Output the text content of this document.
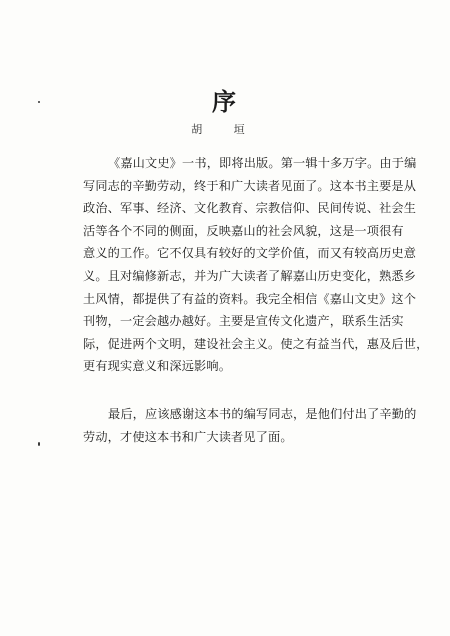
序
胡 垣
《嘉山文史》一书，即将出版。第一辑十多万字。由于编
写同志的辛勤劳动，终于和广大读者见面了。这本书主要是从
政治、军事、经济、文化教育、宗教信仰、民间传说、社会生
活等各个不同的侧面，反映嘉山的社会风貌，这是一项很有
意义的工作。它不仅具有较好的文学价值，而又有较高历史意
义。且对编修新志，并为广大读者了解嘉山历史变化，熟悉乡
土风情，都提供了有益的资料。我完全相信《嘉山文史》这个
刊物，一定会越办越好。主要是宣传文化遗产，联系生活实
际，促进两个文明，建设社会主义。使之有益当代，惠及后世，
更有现实意义和深远影响。
最后，应该感谢这本书的编写同志，是他们付出了辛勤的
劳动，才使这本书和广大读者见了面。
